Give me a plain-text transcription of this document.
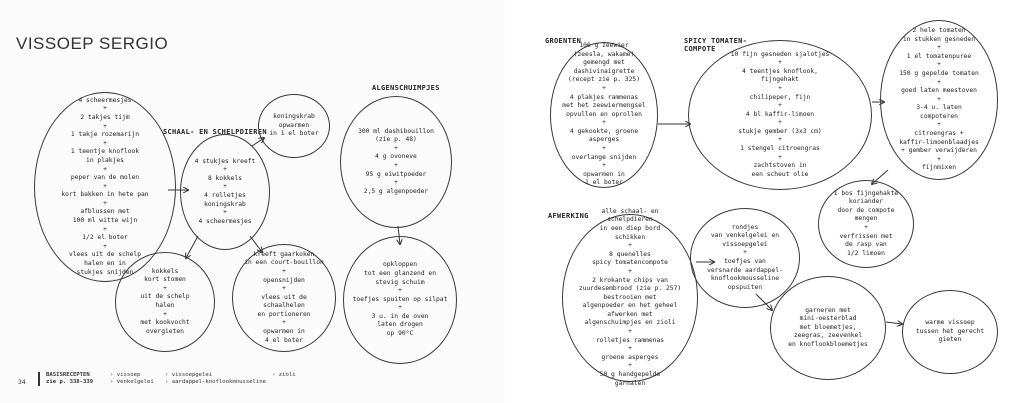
VISSOEP SERGIO
SCHAAL- EN SCHELPDIEREN
ALGENSCHUIMPJES
GROENTEN	SPICY TOMATEN-
COMPOTE
AFWERKING
4 scheermesjes
+
2 takjes tijm
+
1 takje rozemarijn
+
1 teentje knoflook
in plakjes
+
peper van de molen
+
kort bakken in hete pan
+
afblussen met
100 ml witte wijn
+
1/2 el boter
+
vlees uit de schelp
halen en in
stukjes snijden
koningskrab
opwarmen
in 1 el boter
4 stukjes kreeft
+
8 kokkels
+
4 rolletjes koningskrab
+
4 scheermesjes
kokkels
kort stomen
+
uit de schelp
halen
+
met kookvocht
overgieten
kreeft gaarkoken
in een court-bouillon
+
opensnijden
+
vlees uit de schaalhelen
en portioneren
+
opwarmen in
4 el boter
300 ml dashibouillon
(zie p. 48)
+
4 g ovoneve
+
95 g eiwitpoeder
+
2,5 g algenpoeder
opkloppen
tot een glanzend en
stevig schuim
+
toefjes spuiten op silpat
+
3 u. in de oven
laten drogen
op 90°C
100 g zeewier
(zeesla, wakame)
gemengd met
dashivinaigrette
(recept zie p. 325)
+
4 plakjes rammenas
met het zeewiermengsel
opvullen en oprollen
+
4 gekookte, groene
asperges
+
overlange snijden
+
opwarmen in
1 el boter
10 fijn gesneden sjalotjes
+
4 teentjes knoflook,
fijngehakt
+
chilipeper, fijn
+
4 bl kaffir-limoen
+
stukje gember (3x3 cm)
+
1 stengel citroengras
+
zachtstoven in
een scheut olie
2 hele tomaten
in stukken gesneden
+
1 el tomatenpuree
+
150 g gepelde tomaten
+
goed laten meestoven
+
3-4 u. laten
compoteren
+
citroengras +
kaffir-limoenblaadjes
+ gember verwijderen
+
fijnmixen
1 bos fijngehakte
koriander
door de compote
mengen
+
verfrissen met
de rasp van
1/2 limoen
alle schaal- en
schelpdieren
in een diep bord
schikken
+
8 quenelles
spicy tomatencompote
+
2 krokante chips van
zuurdesembrood (zie p. 257)
bestrooien met
algenpoeder en het geheel
afwerken met
algenschuimpjes en zioli
+
rolletjes rammenas
+
groene asperges
+
50 g handgepelde
garnalen
rondjes
van venkelgelei en
vissoepgelei
+
toefjes van
versnarde aardappel-
knoflookmousseline
opspuiten
garneren met
mini-oesterblad
met bloemetjes,
zeegras, zeevenkel
en knoflookbloemetjes
warme vissoep
tussen het gerecht
gieten
34
BASISRECEPTEN
zie p. 338-339
› vissoep
› venkelgelei
› vissoepgelei
› aardappel-knoflookmousseline
› zioli
